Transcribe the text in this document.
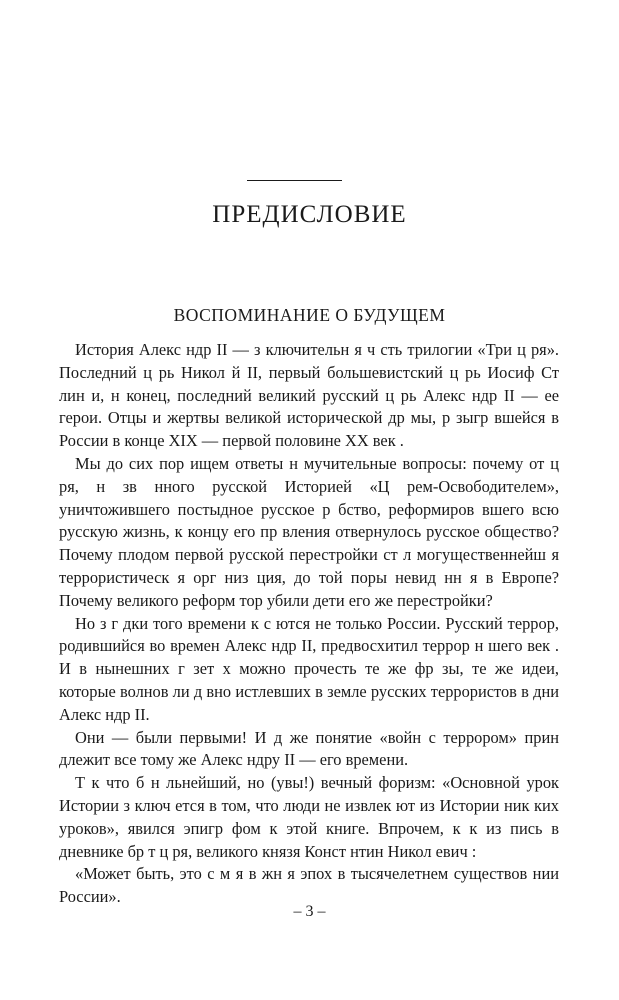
ПРЕДИСЛОВИЕ
ВОСПОМИНАНИЕ О БУДУЩЕМ

История Алекс ндр II — з ключительн я ч сть трилогии «Три ц ря». Последний ц рь Никол й II, первый большевистский ц рь Иосиф Ст лин и, н конец, последний великий русский ц рь Алекс ндр II — ее герои. Отцы и жертвы великой исторической др мы, р зыгр вшейся в России в конце XIX — первой половине XX век .

Мы до сих пор ищем ответы н мучительные вопросы: почему от ц ря, н зв нного русской Историей «Ц рем-Освободителем», уничтожившего постыдное русское р бство, реформиров вшего всю русскую жизнь, к концу его пр вления отвернулось русское общество? Почему плодом первой русской перестройки ст л могущественнейш я террористическ я орг низ ция, до той поры невид нн я в Европе? Почему великого реформ тор убили дети его же перестройки?

Но з г дки того времени к с ются не только России. Русский террор, родившийся во времен Алекс ндр II, предвосхитил террор н шего век . И в нынешних г зет х можно прочесть те же фр зы, те же идеи, которые волнов ли д вно истлевших в земле русских террористов в дни Алекс ндр II.

Они — были первыми! И д же понятие «войн с террором» прин длежит все тому же Алекс ндру II — его времени.

Т к что б н льнейший, но (увы!) вечный форизм: «Основной урок Истории з ключ ется в том, что люди не извлек ют из Истории ник ких уроков», явился эпигр фом к этой книге. Впрочем, к к из пись в дневнике бр т ц ря, великого князя Конст нтин Никол евич :

«Может быть, это с м я в жн я эпох в тысячелетнем существов нии России».

– 3 –
